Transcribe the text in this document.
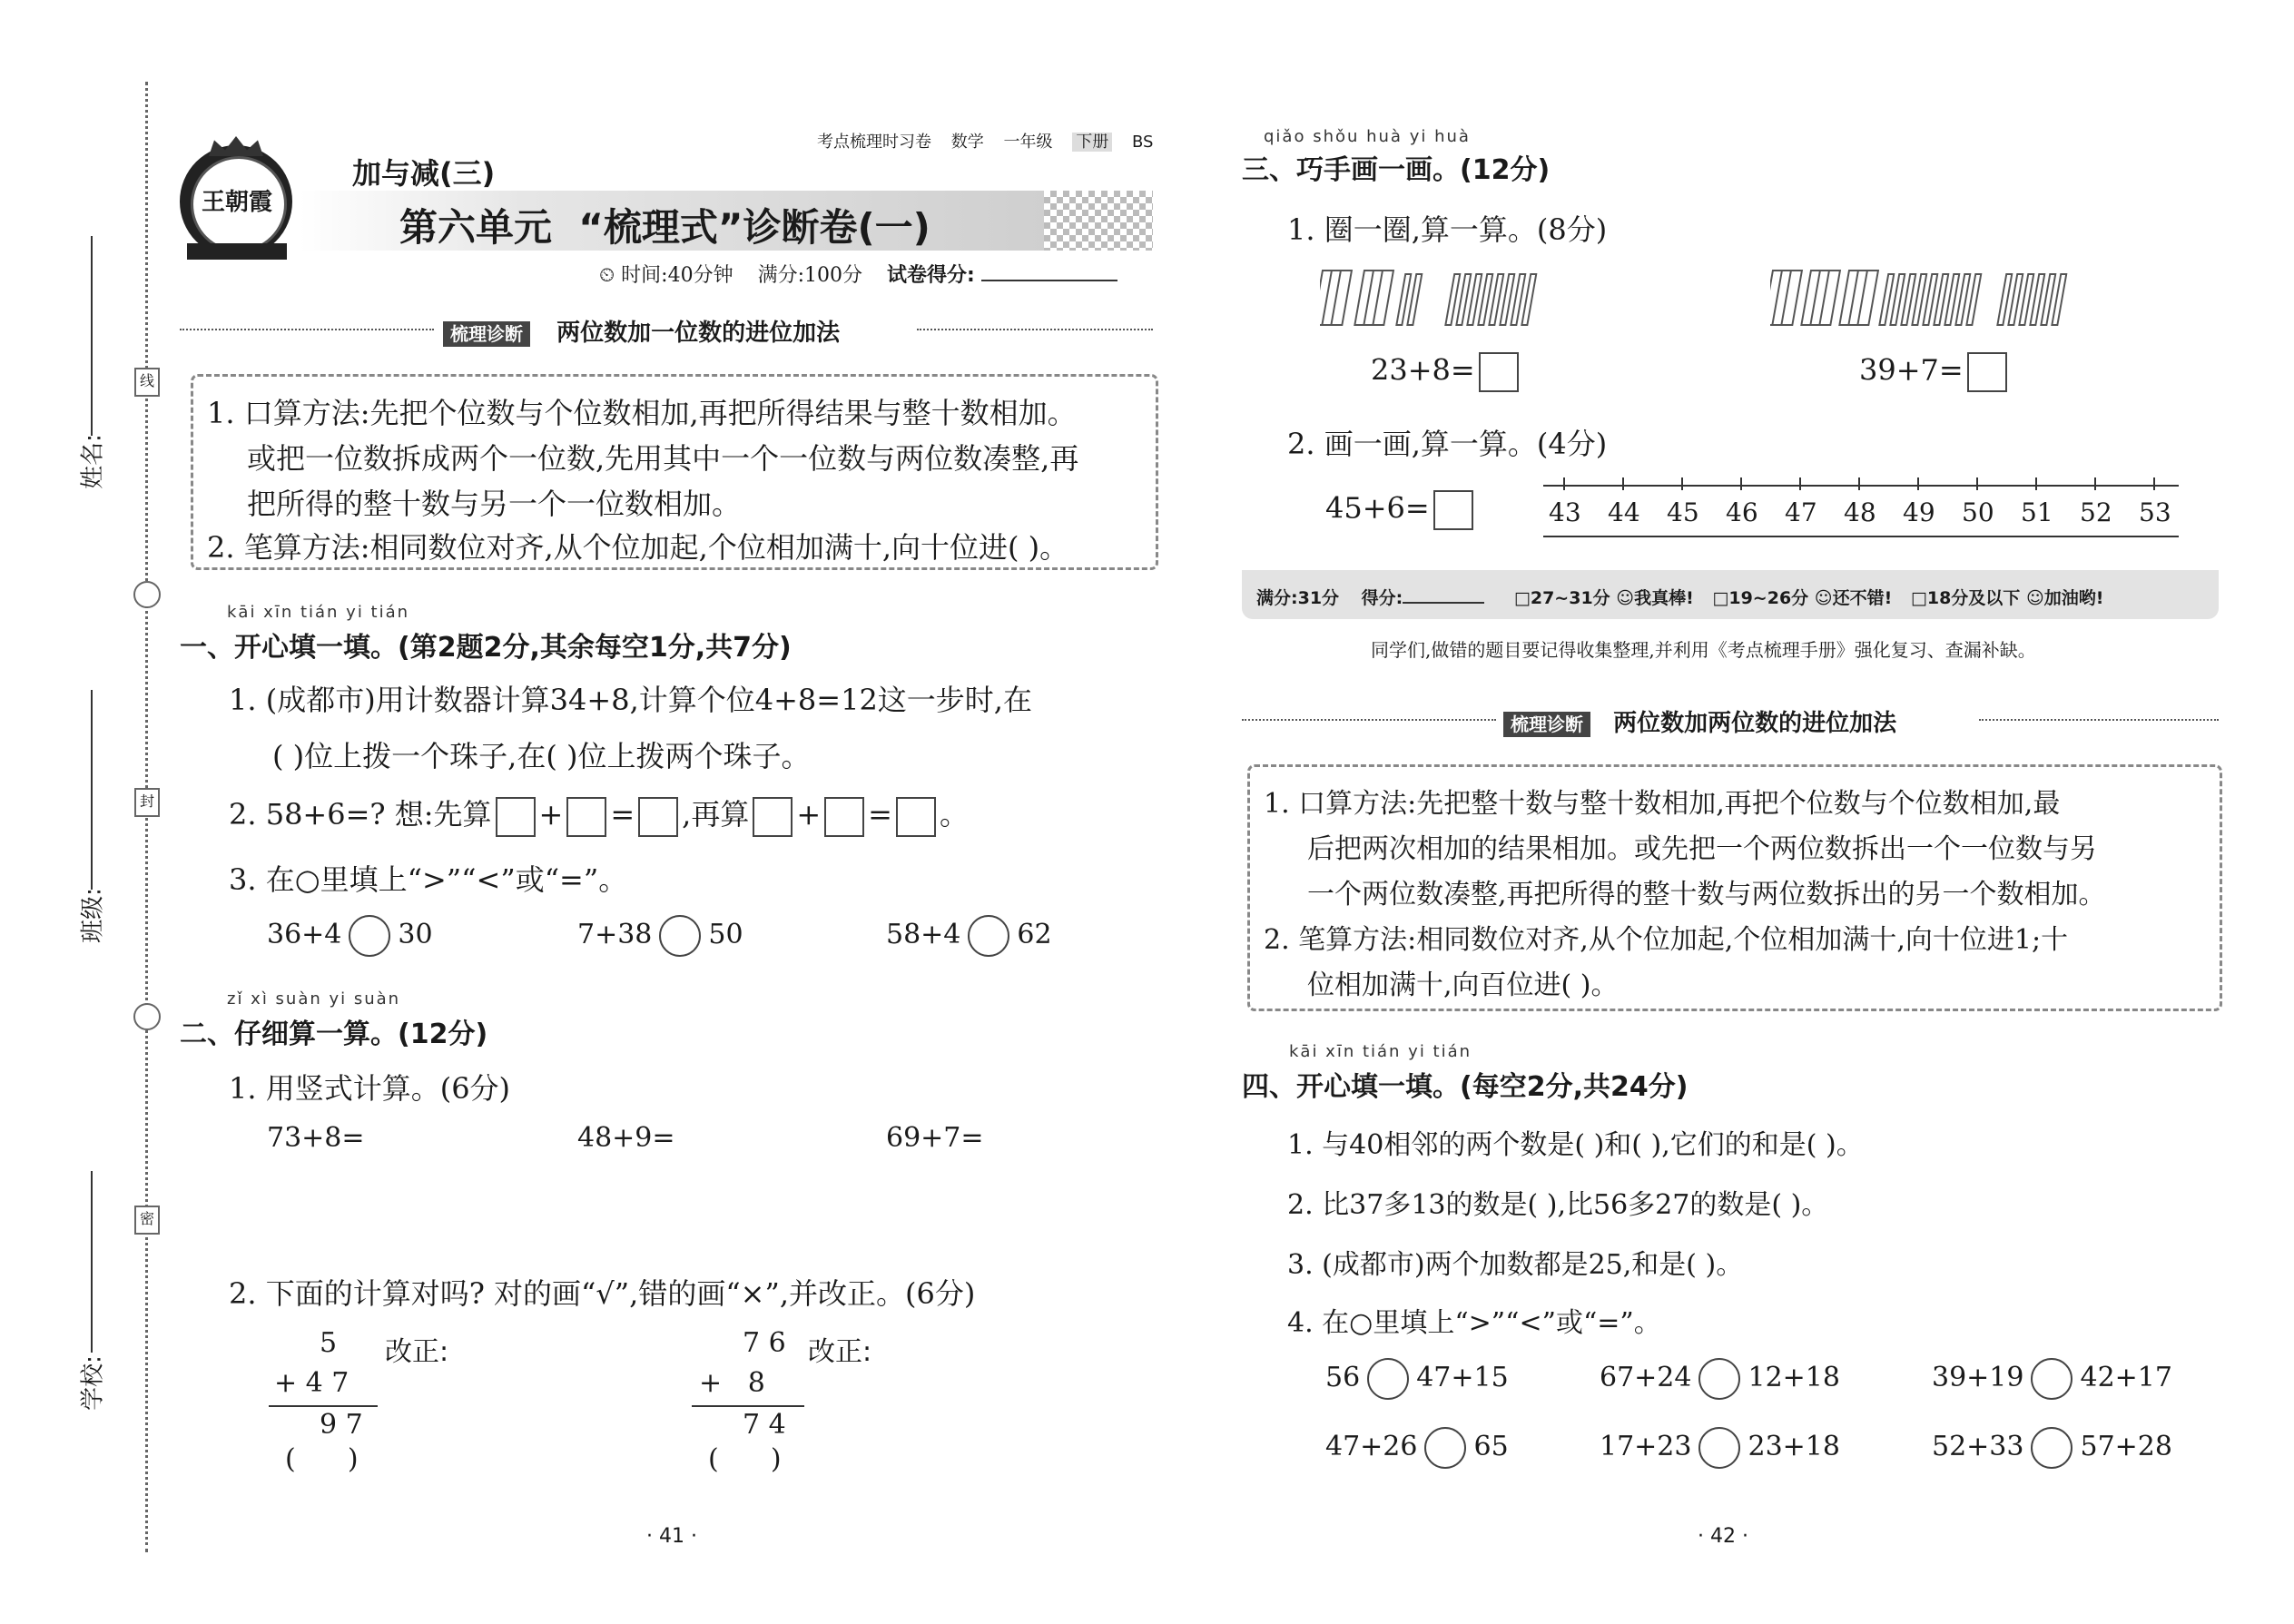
线
封
密
姓名:
班级:
学校:
考点梳理时习卷 数学 一年级 下册 BS
王朝霞
加与减(三)
第六单元  “梳理式”诊断卷(一)
⏲ 时间:40分钟 满分:100分 试卷得分:
梳理诊断 两位数加一位数的进位加法
1. 口算方法:先把个位数与个位数相加,再把所得结果与整十数相加。
或把一位数拆成两个一位数,先用其中一个一位数与两位数凑整,再
把所得的整十数与另一个一位数相加。
2. 笔算方法:相同数位对齐,从个位加起,个位相加满十,向十位进( )。
kāi xīn tián yi tián
一、开心填一填。(第2题2分,其余每空1分,共7分)
1. (成都市)用计数器计算34+8,计算个位4+8=12这一步时,在
( )位上拨一个珠子,在( )位上拨两个珠子。
2. 58+6=? 想:先算 + = ,再算 + = 。
3. 在○里填上“>”“<”或“=”。
36+4 30	7+38 50	58+4 62
zǐ xì suàn yi suàn
二、仔细算一算。(12分)
1. 用竖式计算。(6分)
73+8=	48+9=	69+7=
2. 下面的计算对吗? 对的画“√”,错的画“×”,并改正。(6分)
5 改正:
+ 4 7
9 7
(      )
7 6 改正:
+   8
7 4
(      )
· 41 ·
qiǎo shǒu huà yi huà
三、巧手画一画。(12分)
1. 圈一圈,算一算。(8分)
23+8=	39+7=
2. 画一画,算一算。(4分)
45+6=	43 44 45 46 47 48 49 50 51 52 53
满分:31分 得分:	□27~31分 ☺我真棒! □19~26分 ☺还不错! □18分及以下 ☺加油哟!
同学们,做错的题目要记得收集整理,并利用《考点梳理手册》强化复习、查漏补缺。
梳理诊断 两位数加两位数的进位加法
1. 口算方法:先把整十数与整十数相加,再把个位数与个位数相加,最
后把两次相加的结果相加。或先把一个两位数拆出一个一位数与另
一个两位数凑整,再把所得的整十数与两位数拆出的另一个数相加。
2. 笔算方法:相同数位对齐,从个位加起,个位相加满十,向十位进1;十
位相加满十,向百位进( )。
kāi xīn tián yi tián
四、开心填一填。(每空2分,共24分)
1. 与40相邻的两个数是( )和( ),它们的和是( )。
2. 比37多13的数是( ),比56多27的数是( )。
3. (成都市)两个加数都是25,和是( )。
4. 在○里填上“>”“<”或“=”。
56 47+15	67+24 12+18	39+19 42+17
47+26 65	17+23 23+18	52+33 57+28
· 42 ·
